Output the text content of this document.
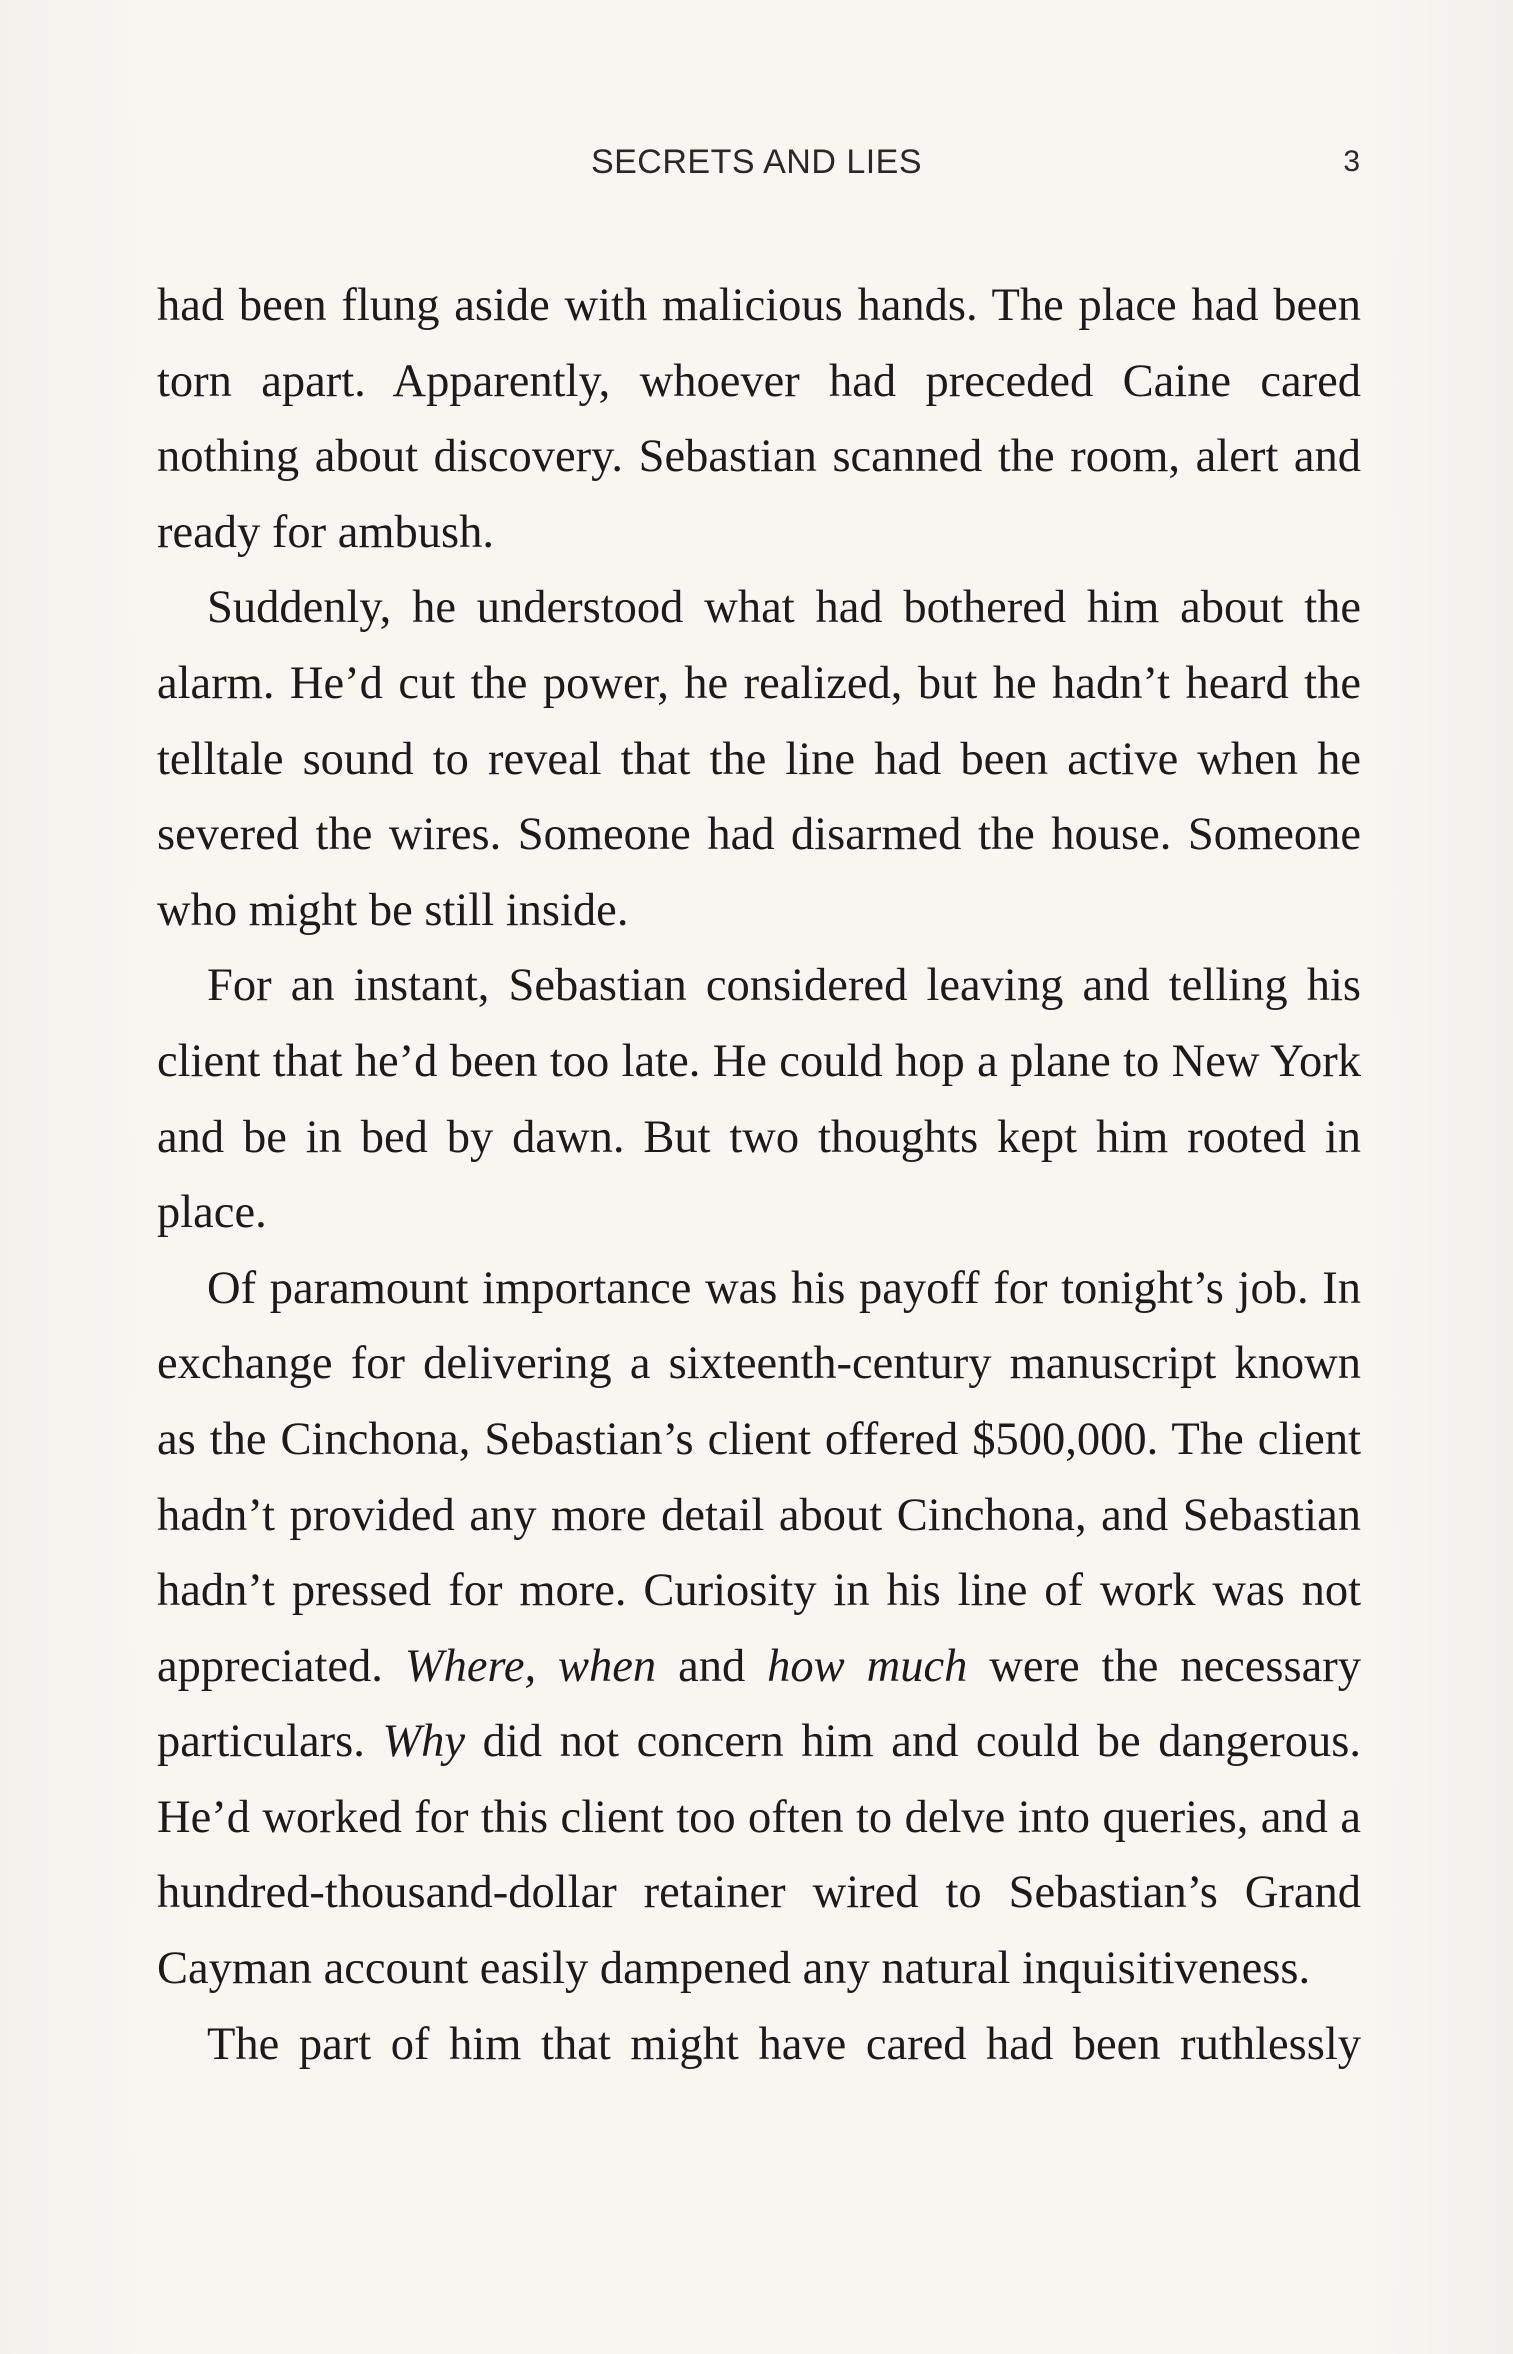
SECRETS AND LIES	3

had been flung aside with malicious hands. The place had been torn apart. Apparently, whoever had preceded Caine cared nothing about discovery. Sebastian scanned the room, alert and ready for ambush.

Suddenly, he understood what had bothered him about the alarm. He’d cut the power, he realized, but he hadn’t heard the telltale sound to reveal that the line had been active when he severed the wires. Someone had disarmed the house. Someone who might be still inside.

For an instant, Sebastian considered leaving and telling his client that he’d been too late. He could hop a plane to New York and be in bed by dawn. But two thoughts kept him rooted in place.

Of paramount importance was his payoff for tonight’s job. In exchange for delivering a sixteenth-century manuscript known as the Cinchona, Sebastian’s client offered $500,000. The client hadn’t provided any more detail about Cinchona, and Sebastian hadn’t pressed for more. Curiosity in his line of work was not appreciated. Where, when and how much were the necessary particulars. Why did not concern him and could be dangerous. He’d worked for this client too often to delve into queries, and a hundred-thousand-dollar retainer wired to Sebastian’s Grand Cayman account easily dampened any natural inquisitiveness.

The part of him that might have cared had been ruthlessly
